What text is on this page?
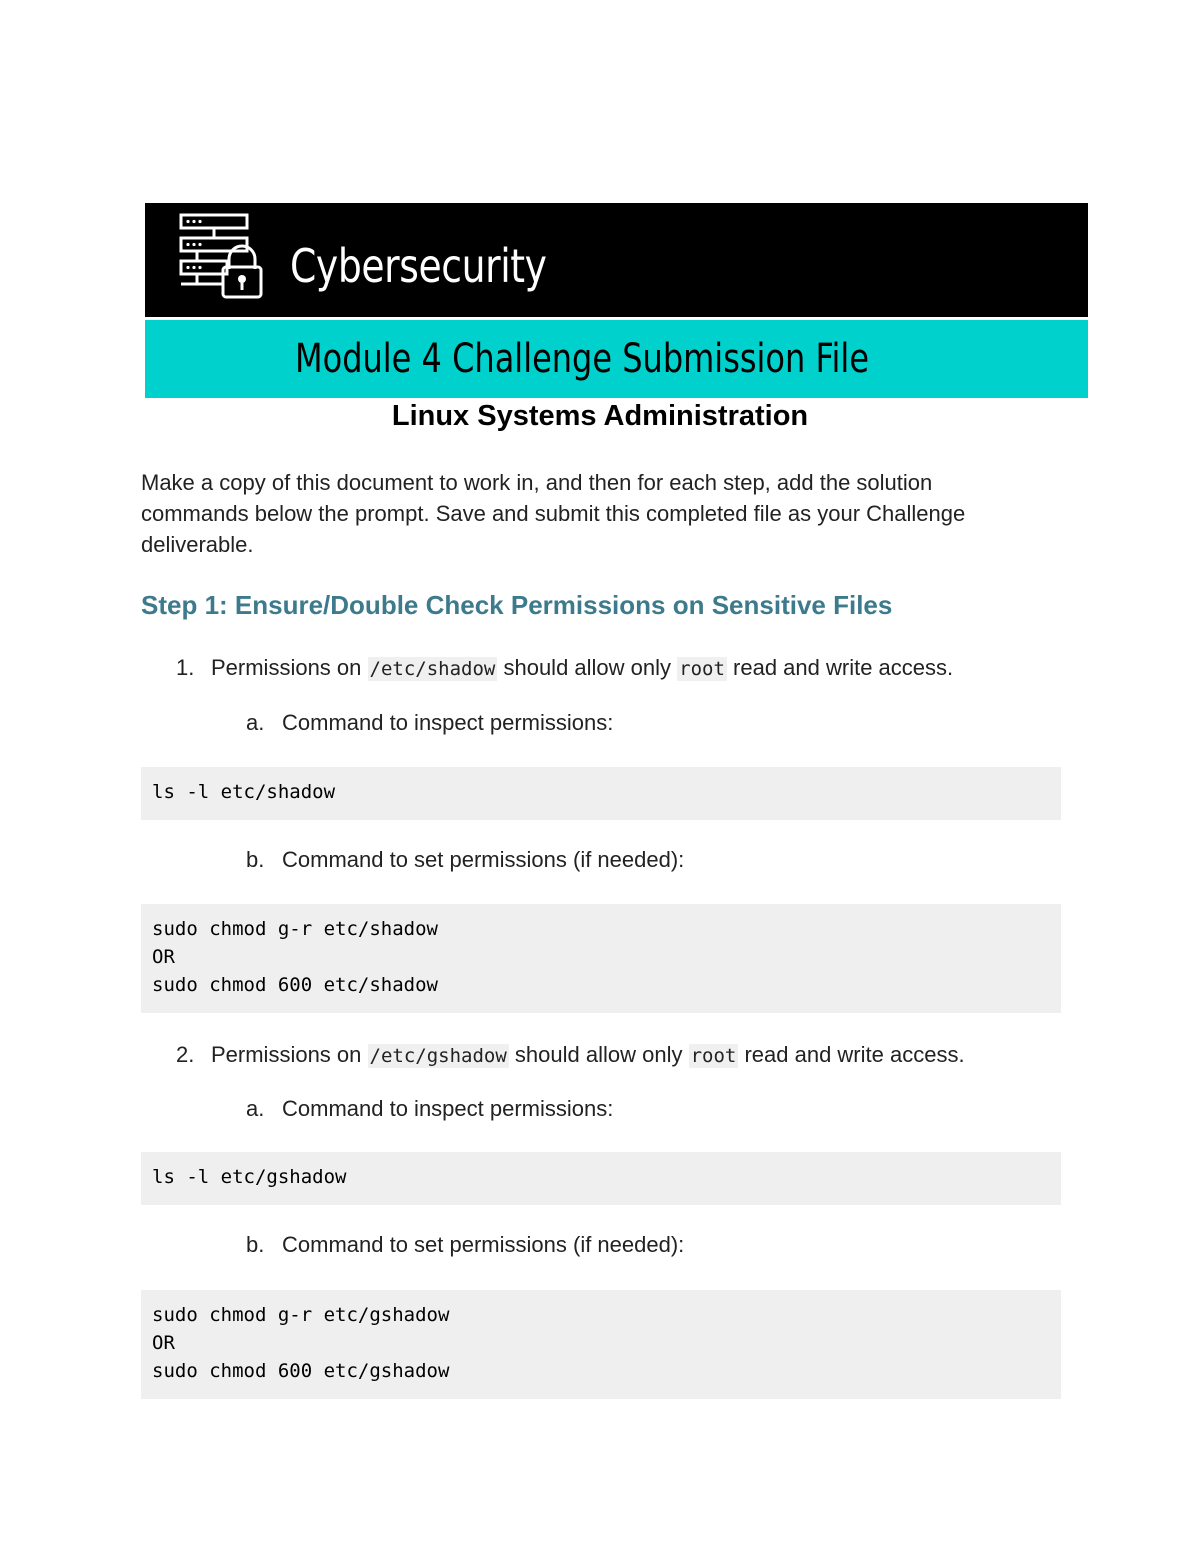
Cybersecurity
Module 4 Challenge Submission File
Linux Systems Administration
Make a copy of this document to work in, and then for each step, add the solution commands below the prompt. Save and submit this completed file as your Challenge deliverable.
Step 1: Ensure/Double Check Permissions on Sensitive Files
1. Permissions on /etc/shadow should allow only root read and write access.
a. Command to inspect permissions:
ls -l etc/shadow
b. Command to set permissions (if needed):
sudo chmod g-r etc/shadow
OR
sudo chmod 600 etc/shadow
2. Permissions on /etc/gshadow should allow only root read and write access.
a. Command to inspect permissions:
ls -l etc/gshadow
b. Command to set permissions (if needed):
sudo chmod g-r etc/gshadow
OR
sudo chmod 600 etc/gshadow
